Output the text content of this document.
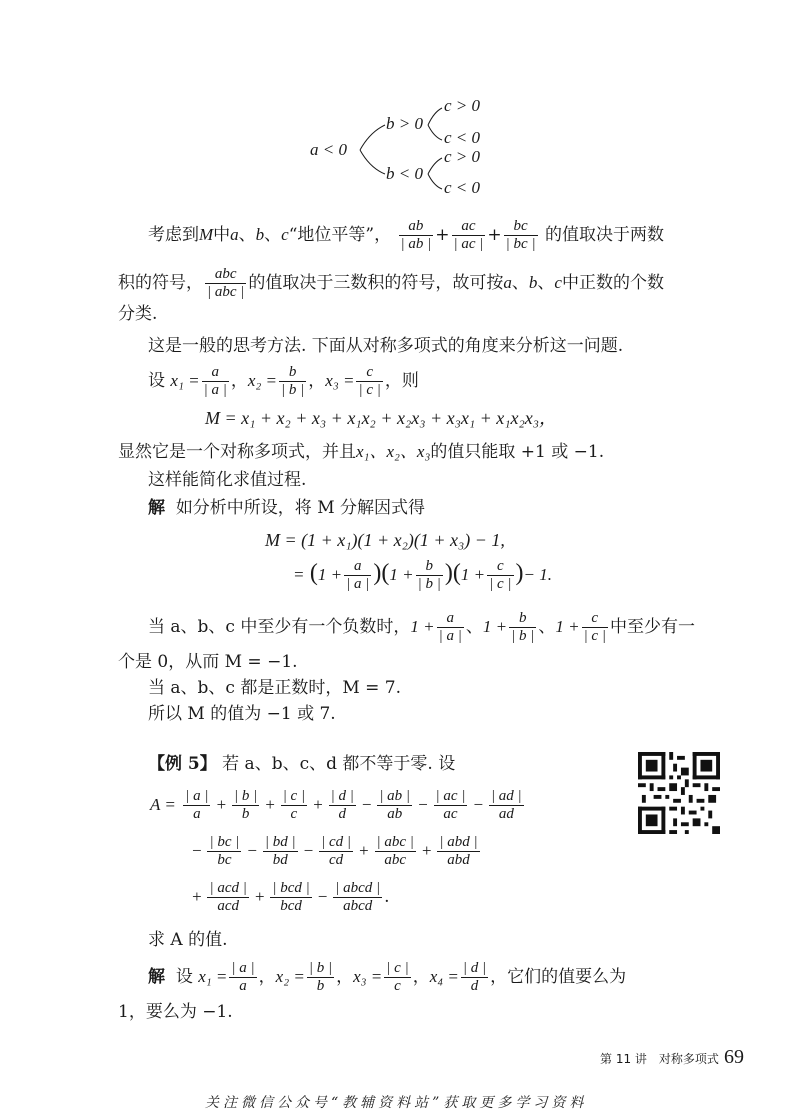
a < 0
b > 0
b < 0
c > 0
c < 0
c > 0
c < 0
考虑到M中a、b、c“地位平等”， $\frac{ab}{| ab |} + \frac{ac}{| ac |} + \frac{bc}{| bc |}$ 的值取决于两数
积的符号， $\frac{\text{abc}}{\text{| abc |}}$ 的值取决于三数积的符号，故可按a、b、c中正数的个数
分类.
这是一般的思考方法. 下面从对称多项式的角度来分析这一问题.
设 $x_1 = \frac{a}{| a |}$ ，$x_2 = \frac{b}{| b |}$ ，$x_3 = \frac{c}{| c |}$ ，则
M = x₁ + x₂ + x₃ + x₁x₂ + x₂x₃ + x₃x₁ + x₁x₂x₃，
显然它是一个对称多项式，并且x₁、x₂、x₃的值只能取 +1 或 −1.
这样能简化求值过程.
解 如分析中所设，将 M 分解因式得
M = (1 + x₁)(1 + x₂)(1 + x₃) − 1,
= $(1 + \frac{a}{| a |} )(1 + \frac{b}{| b |} )(1 + \frac{c}{| c |}$ )− 1.
当 a、b、c 中至少有一个负数时，$1 + \frac{a}{| a |}$ 、$1 + \frac{b}{| b |}$ 、$1 + \frac{c}{| c |}$ 中至少有一
个是 0，从而 M = −1.
当 a、b、c 都是正数时，M = 7.
所以 M 的值为 −1 或 7.
【例 5】 若 a、b、c、d 都不等于零. 设
$A = \frac{| a |}{a} + \frac{| b |}{b} + \frac{| c |}{c} + \frac{| d |}{d} - \frac{| ab |}{ab} - \frac{| ac |}{ac} - \frac{| ad |}{ad}$
− $\frac{| bc |}{bc} - \frac{| bd |}{bd} - \frac{| cd |}{cd} + \frac{\text{| abc |}}{\text{abc}} + \frac{\text{| abd |}}{\text{abd}}$
+ $\frac{\text{| acd |}}{\text{acd}} + \frac{\text{| bcd |}}{\text{bcd}} - \frac{\text{| abcd |}}{\text{abcd}}$ .
求 A 的值.
解 设 $x_1 = \frac{| a |}{a}$ ，$x_2 = \frac{| b |}{b}$ ，$x_3 = \frac{| c |}{c}$ ，$x_4 = \frac{| d |}{d}$ ，它们的值要么为
1，要么为 −1.
第 11 讲　对称多项式 69
关注微信公众号“教辅资料站”获取更多学习资料
